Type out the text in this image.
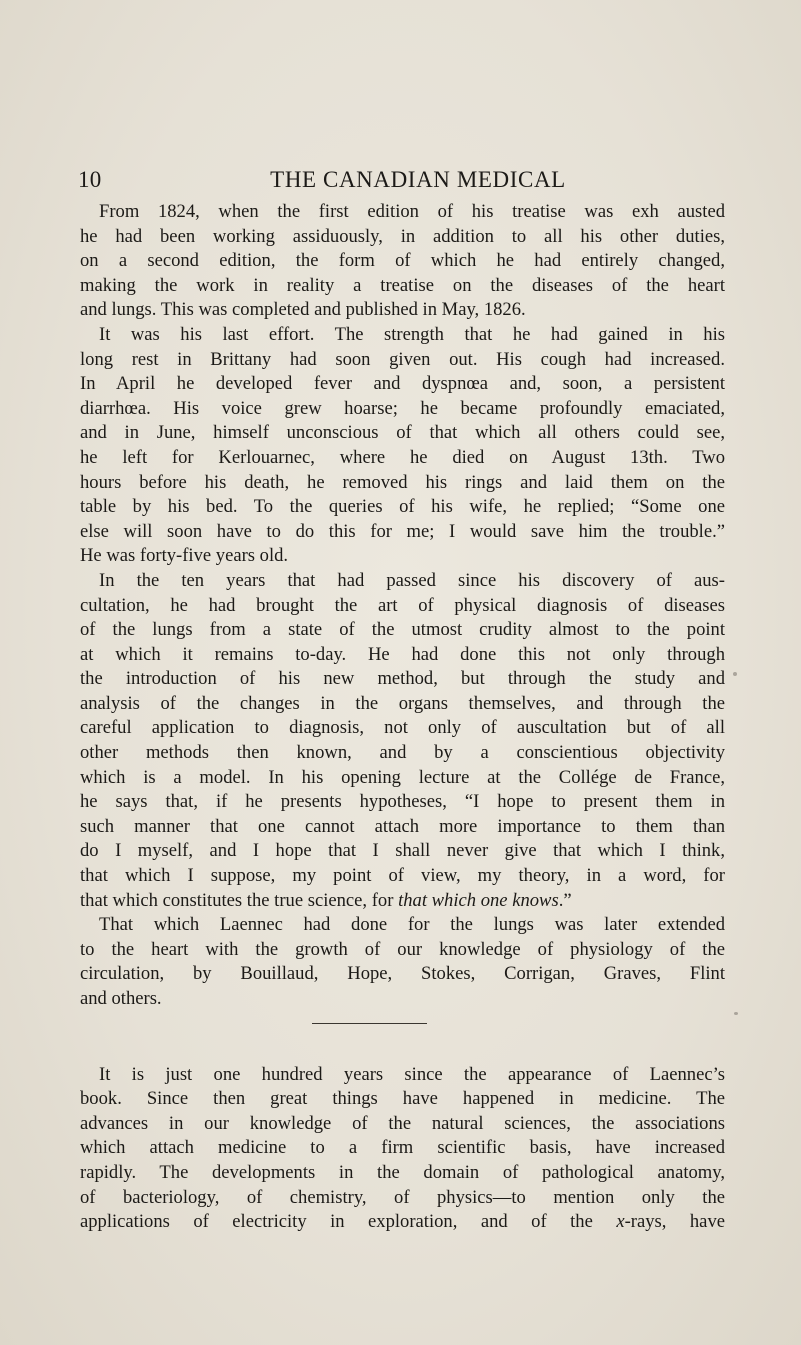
10	THE CANADIAN MEDICAL
From 1824, when the first edition of his treatise was exh austed
he had been working assiduously, in addition to all his other duties,
on a second edition, the form of which he had entirely changed,
making the work in reality a treatise on the diseases of the heart
and lungs. This was completed and published in May, 1826.
It was his last effort. The strength that he had gained in his
long rest in Brittany had soon given out. His cough had increased.
In April he developed fever and dyspnœa and, soon, a persistent
diarrhœa. His voice grew hoarse; he became profoundly emaciated,
and in June, himself unconscious of that which all others could see,
he left for Kerlouarnec, where he died on August 13th. Two
hours before his death, he removed his rings and laid them on the
table by his bed. To the queries of his wife, he replied; “Some one
else will soon have to do this for me; I would save him the trouble.”
He was forty-five years old.
In the ten years that had passed since his discovery of aus-
cultation, he had brought the art of physical diagnosis of diseases
of the lungs from a state of the utmost crudity almost to the point
at which it remains to-day. He had done this not only through
the introduction of his new method, but through the study and
analysis of the changes in the organs themselves, and through the
careful application to diagnosis, not only of auscultation but of all
other methods then known, and by a conscientious objectivity
which is a model. In his opening lecture at the Collége de France,
he says that, if he presents hypotheses, “I hope to present them in
such manner that one cannot attach more importance to them than
do I myself, and I hope that I shall never give that which I think,
that which I suppose, my point of view, my theory, in a word, for
that which constitutes the true science, for that which one knows.”
That which Laennec had done for the lungs was later extended
to the heart with the growth of our knowledge of physiology of the
circulation, by Bouillaud, Hope, Stokes, Corrigan, Graves, Flint
and others.
It is just one hundred years since the appearance of Laennec’s
book. Since then great things have happened in medicine. The
advances in our knowledge of the natural sciences, the associations
which attach medicine to a firm scientific basis, have increased
rapidly. The developments in the domain of pathological anatomy,
of bacteriology, of chemistry, of physics—to mention only the
applications of electricity in exploration, and of the x-rays, have
